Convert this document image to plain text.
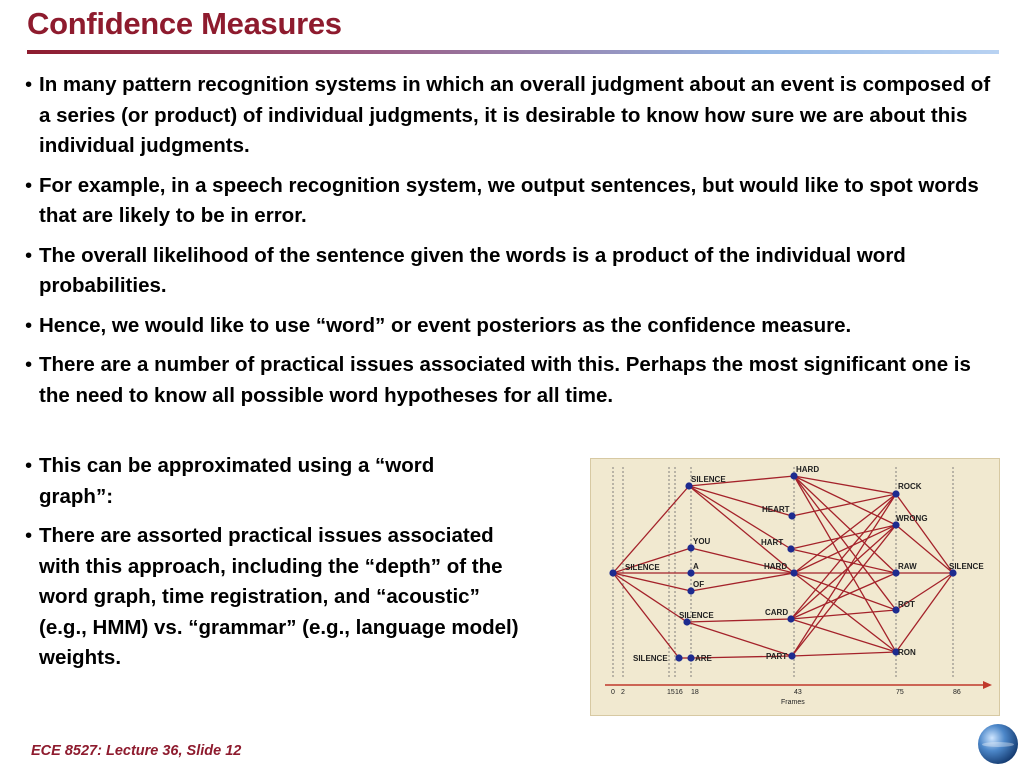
Confidence Measures
• In many pattern recognition systems in which an overall judgment about an event is composed of a series (or product) of individual judgments, it is desirable to know how sure we are about this individual judgments.
• For example, in a speech recognition system, we output sentences, but would like to spot words that are likely to be in error.
• The overall likelihood of the sentence given the words is a product of the individual word probabilities.
• Hence, we would like to use “word” or event posteriors as the confidence measure.
• There are a number of practical issues associated with this. Perhaps the most significant one is the need to know all possible word hypotheses for all time.
• This can be approximated using a “word graph”:
• There are assorted practical issues associated with this approach, including the “depth” of the word graph, time registration, and “acoustic” (e.g., HMM) vs. “grammar” (e.g., language model) weights.
SILENCE
SILENCE
YOU
A
OF
SILENCE
SILENCE	ARE
HARD
HEART
HART
HARD
CARD
PART
ROCK
WRONG
RAW
ROT
RON
SILENCE
0 2	15 16 18	43	75	86
Frames
ECE 8527: Lecture 36, Slide 12
